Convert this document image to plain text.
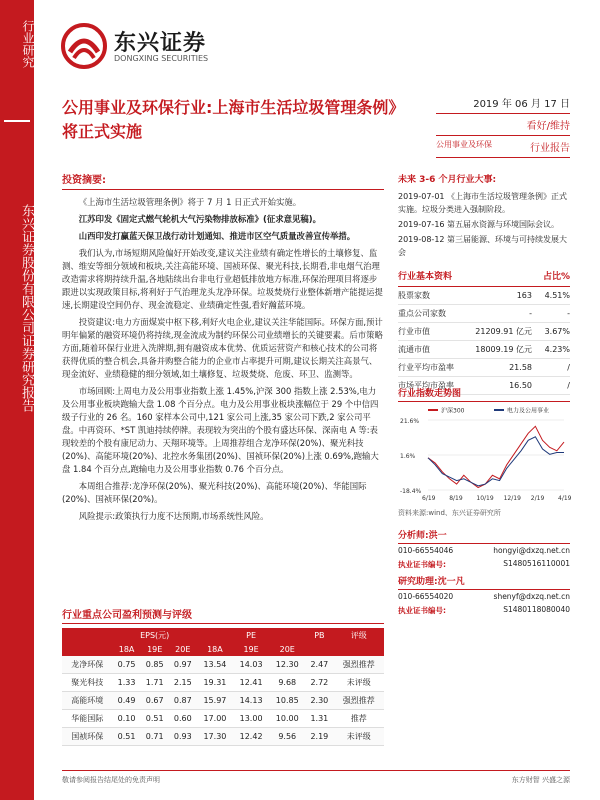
行业研究
东兴证券股份有限公司证券研究报告
东兴证券
DONGXING SECURITIES
公用事业及环保行业:上海市生活垃圾管理条例》将正式实施
2019 年 06 月 17 日
看好/维持
公用事业及环保	行业报告
投资摘要:

《上海市生活垃圾管理条例》将于 7 月 1 日正式开始实施。

江苏印发《固定式燃气轮机大气污染物排放标准》(征求意见稿)。

山西印发打赢蓝天保卫战行动计划通知、推进市区空气质量改善宣传举措。

我们认为,市场短期风险偏好开始改变,建议关注业绩有确定性增长的土壤修复、监测、维安等细分领域和板块,关注高能环境、国祯环保、聚光科技,长期看,非电烟气治理改造需求将期持续升温,各地陆续出台非电行业超低排放地方标准,环保治理项目将逐步跟进以实现政策目标,将利好于气治理龙头龙净环保。垃圾焚烧行业整体新增产能提运提速,长期建设空间仍存、现金流稳定、业绩确定性强,看好瀚蓝环境。

投资建议:电力方面煤炭中枢下移,利好火电企业,建议关注华能国际。环保方面,预计明年偏紧的融资环境仍将持续,现金流成为制约环保公司业绩增长的关键要素。后市策略方面,随着环保行业进入洗牌期,拥有融资成本优势、优质运营资产和核心技术的公司将获得优质的整合机会,具备并购整合能力的企业市占率提升可期,建议长期关注高景气、现金流好、业绩稳健的细分领域,如土壤修复、垃圾焚烧、危废、环卫、监测等。

市场回顾:上周电力及公用事业指数上涨 1.45%,沪深 300 指数上涨 2.53%,电力及公用事业板块跑输大盘 1.08 个百分点。电力及公用事业板块涨幅位于 29 个中信四级子行业的 26 名。160 家样本公司中,121 家公司上涨,35 家公司下跌,2 家公司平盘。中再资环、*ST 凯迪持续停牌。表现较为突出的个股有盛达环保、深南电 A 等:表现较差的个股有康尼动力、天翔环境等。上周推荐组合龙净环保(20%)、聚光科技(20%)、高能环境(20%)、北控水务集团(20%)、国祯环保(20%)上涨 0.69%,跑输大盘 1.84 个百分点,跑输电力及公用事业指数 0.76 个百分点。

本周组合推荐:龙净环保(20%)、聚光科技(20%)、高能环境(20%)、华能国际(20%)、国祯环保(20%)。

风险提示:政策执行力度不达预期,市场系统性风险。

行业重点公司盈利预测与评级
	EPS(元)			PE			PB	评级
	18A	19E	20E	18A	19E	20E		
龙净环保	0.75	0.85	0.97	13.54	14.03	12.30	2.47	强烈推荐
聚光科技	1.33	1.71	2.15	19.31	12.41	9.68	2.72	未评级
高能环境	0.49	0.67	0.87	15.97	14.13	10.85	2.30	强烈推荐
华能国际	0.10	0.51	0.60	17.00	13.00	10.00	1.31	推荐
国祯环保	0.51	0.71	0.93	17.30	12.42	9.56	2.19	未评级
未来 3-6 个月行业大事:
2019-07-01 《上海市生活垃圾管理条例》正式实施。垃圾分类进入强制阶段。
2019-07-16 第五届水资源与环境国际会议。
2019-08-12 第三届能源、环境与可持续发展大会
行业基本资料	占比%
股票家数	163	4.51%
重点公司家数	-	-
行业市值	21209.91 亿元	3.67%
流通市值	18009.19 亿元	4.23%
行业平均市盈率	21.58	/
市场平均市盈率	16.50	/
行业指数走势图
21.6%
1.6%
-18.4%
6/19 8/19 10/19 12/19 2/19 4/19
沪深300	电力及公用事业
资料来源:wind、东兴证券研究所
分析师:洪一
010-66554046	hongyi@dxzq.net.cn
执业证书编号:	S1480516110001
研究助理:沈一凡
010-66554020	shenyf@dxzq.net.cn
执业证书编号:	S1480118080040
敬请参阅报告结尾处的免责声明	东方财智 兴盛之源
